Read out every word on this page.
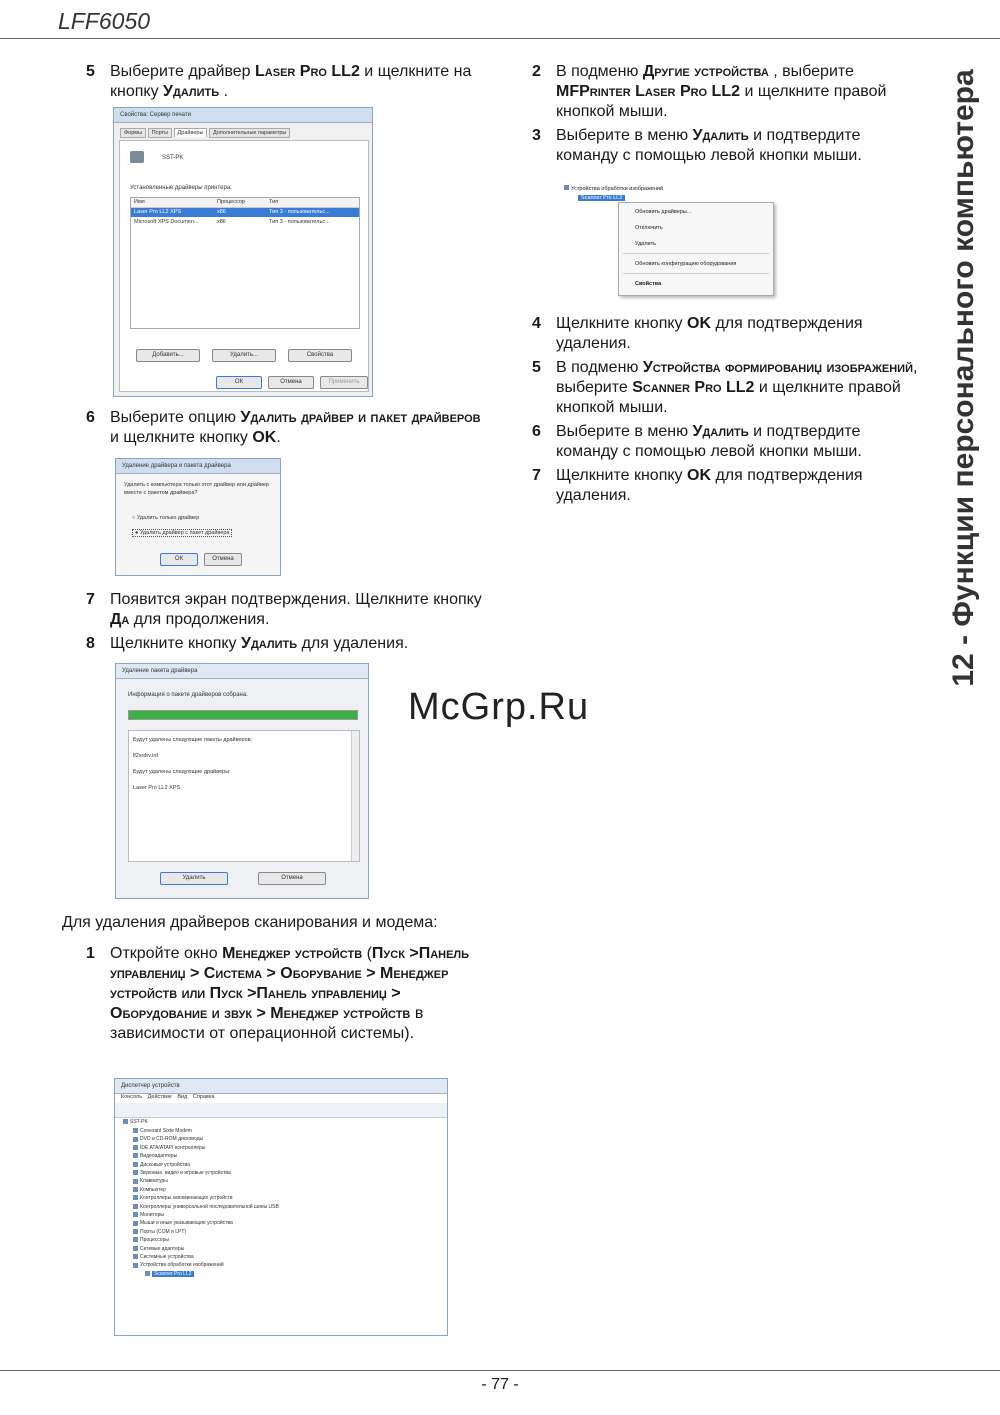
LFF6050
12 - Функции персонального компьютера
5 Выберите драйвер Laser Pro LL2 и щелкните на кнопку Удалить .
Свойства: Сервер печати
Формы Порты Драйверы Дополнительные параметры
SST-PK
Установленные драйверы принтера:
Имя	Процессор	Тип
Laser Pro LL2 XPS	x86	Тип 3 - пользовательс...
Microsoft XPS Documen...	x86	Тип 3 - пользовательс...
Добавить...	Удалить...	Свойства
ОК	Отмена	Применить
6 Выберите опцию Удалить драйвер и пакет драйверов и щелкните кнопку OK.
Удаление драйвера и пакета драйвера
Удалить с компьютера только этот драйвер или драйвер вместе с пакетом драйвера?
○ Удалить только драйвер
● Удалить драйвер с пакет драйвера
ОК	Отмена
7 Появится экран подтверждения. Щелкните кнопку Да для продолжения.
8 Щелкните кнопку Удалить для удаления.
Удаление пакета драйвера
Информация о пакете драйверов собрана.
Будут удалены следующие пакеты драйверов:
lf2xrdrv.inf
Будут удалены следующие драйверы:
Laser Pro LL2 XPS
Удалить	Отмена
McGrp.Ru
Для удаления драйверов сканирования и модема:
1 Откройте окно Менеджер устройств (Пуск >Панель управлениџ > Система > Оборувание > Менеджер устройств или Пуск >Панель управлениџ > Оборудование и звук > Менеджер устройств в зависимости от операционной системы).
Диспетчер устройств
Консоль Действие Вид Справка
SST-PK
Conexant Sixte Modem
DVD и CD-ROM дисководы
IDE ATA/ATAPI контроллеры
Видеоадаптеры
Дисковые устройства
Звуковые, видео и игровые устройства
Клавиатуры
Компьютер
Контроллеры запоминающих устройств
Контроллеры универсальной последовательной шины USB
Мониторы
Мыши и иные указывающие устройства
Порты (COM и LPT)
Процессоры
Сетевые адаптеры
Системные устройства
Устройства обработки изображений
Scanner Pro LL2
2 В подменю Другие устройства , выберите MFPrinter Laser Pro LL2 и щелкните правой кнопкой мыши.
3 Выберите в меню Удалить и подтвердите команду с помощью левой кнопки мыши.
Устройства обработки изображений
Scanner Pro LL2
Обновить драйверы...
Отключить
Удалить
Обновить конфигурацию оборудования
Свойства
4 Щелкните кнопку OK для подтверждения удаления.
5 В подменю Устройства формированиџ изображений, выберите Scanner Pro LL2 и щелкните правой кнопкой мыши.
6 Выберите в меню Удалить и подтвердите команду с помощью левой кнопки мыши.
7 Щелкните кнопку OK для подтверждения удаления.
- 77 -
